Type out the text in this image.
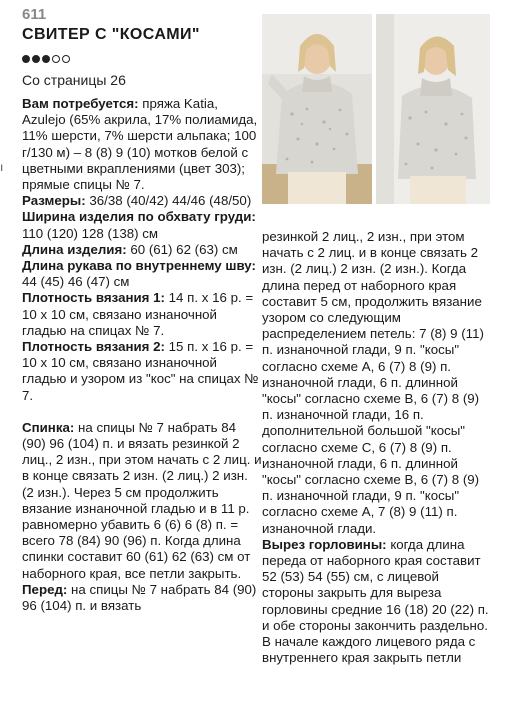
611
СВИТЕР С "КОСАМИ"
Со страницы 26
ı

Вам потребуется: пряжа Katia, Azulejo (65% акрила, 17% полиамида, 11% шерсти, 7% шерсти альпака; 100 г/130 м) – 8 (8) 9 (10) мотков белой с цветными вкраплениями (цвет 303); прямые спицы № 7.

Размеры: 36/38 (40/42) 44/46 (48/50)

Ширина изделия по обхвату груди: 110 (120) 128 (138) см

Длина изделия: 60 (61) 62 (63) см

Длина рукава по внутреннему шву: 44 (45) 46 (47) см

Плотность вязания 1: 14 п. х 16 р. = 10 х 10 см, связано изнаночной гладью на спицах № 7.

Плотность вязания 2: 15 п. х 16 р. = 10 х 10 см, связано изнаночной гладью и узором из "кос" на спицах № 7.

Спинка: на спицы № 7 набрать 84 (90) 96 (104) п. и вязать резинкой 2 лиц., 2 изн., при этом начать с 2 лиц. и в конце связать 2 изн. (2 лиц.) 2 изн. (2 изн.). Через 5 см продолжить вязание изнаночной гладью и в 11 р. равномерно убавить 6 (6) 6 (8) п. = всего 78 (84) 90 (96) п. Когда длина спинки составит 60 (61) 62 (63) см от наборного края, все петли закрыть.

Перед: на спицы № 7 набрать 84 (90) 96 (104) п. и вязать

резинкой 2 лиц., 2 изн., при этом начать с 2 лиц. и в конце связать 2 изн. (2 лиц.) 2 изн. (2 изн.). Когда длина перед от наборного края составит 5 см, продолжить вязание узором со следующим распределением петель: 7 (8) 9 (11) п. изнаночной глади, 9 п. "косы" согласно схеме А, 6 (7) 8 (9) п. изнаночной глади, 6 п. длинной "косы" согласно схеме В, 6 (7) 8 (9) п. изнаночной глади, 16 п. дополнительной большой "косы" согласно схеме С, 6 (7) 8 (9) п. изнаночной глади, 6 п. длинной "косы" согласно схеме В, 6 (7) 8 (9) п. изнаночной глади, 9 п. "косы" согласно схеме А, 7 (8) 9 (11) п. изнаночной глади.

Вырез горловины: когда длина переда от наборного края составит 52 (53) 54 (55) см, с лицевой стороны закрыть для выреза горловины средние 16 (18) 20 (22) п. и обе стороны закончить раздельно. В начале каждого лицевого ряда с внутреннего края закрыть петли
